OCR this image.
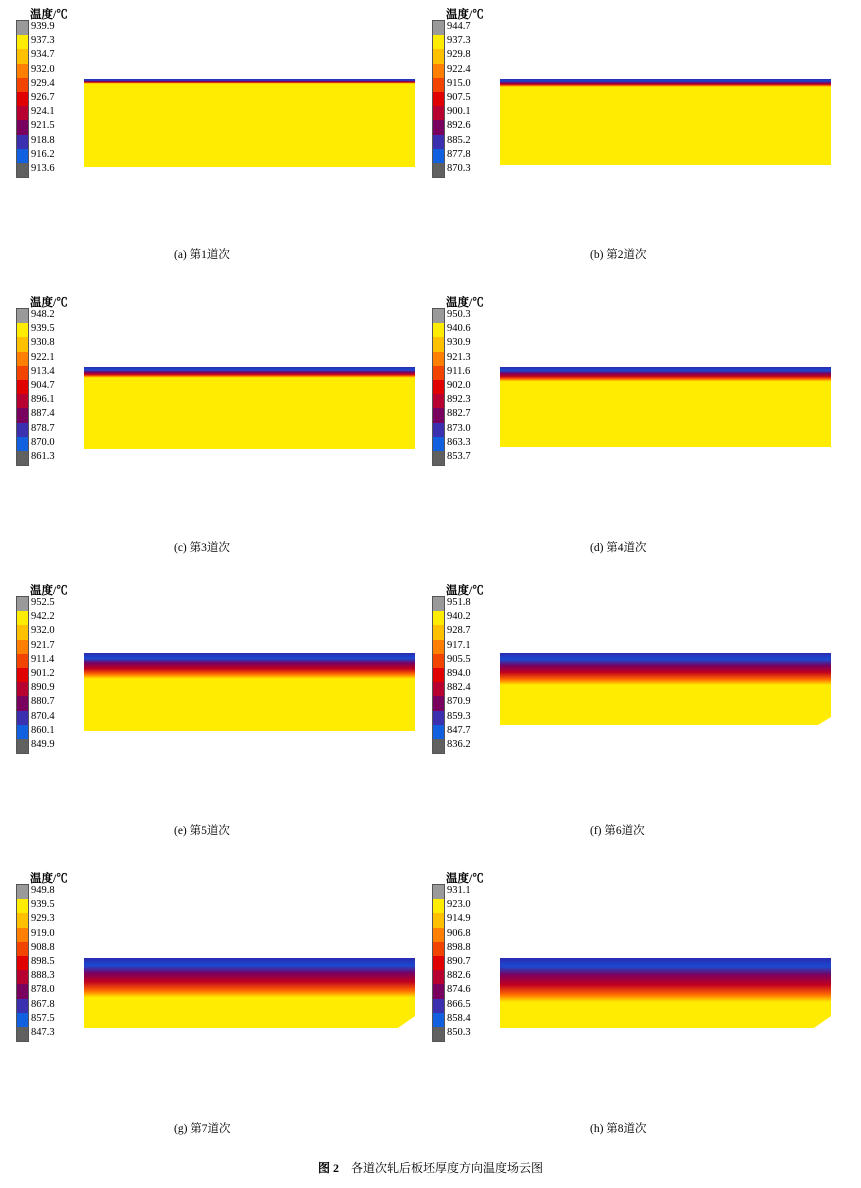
温度/℃
939.9
937.3
934.7
932.0
929.4
926.7
924.1
921.5
918.8
916.2
913.6
(a) 第1道次
温度/℃
944.7
937.3
929.8
922.4
915.0
907.5
900.1
892.6
885.2
877.8
870.3
(b) 第2道次
温度/℃
948.2
939.5
930.8
922.1
913.4
904.7
896.1
887.4
878.7
870.0
861.3
(c) 第3道次
温度/℃
950.3
940.6
930.9
921.3
911.6
902.0
892.3
882.7
873.0
863.3
853.7
(d) 第4道次
温度/℃
952.5
942.2
932.0
921.7
911.4
901.2
890.9
880.7
870.4
860.1
849.9
(e) 第5道次
温度/℃
951.8
940.2
928.7
917.1
905.5
894.0
882.4
870.9
859.3
847.7
836.2
(f) 第6道次
温度/℃
949.8
939.5
929.3
919.0
908.8
898.5
888.3
878.0
867.8
857.5
847.3
(g) 第7道次
温度/℃
931.1
923.0
914.9
906.8
898.8
890.7
882.6
874.6
866.5
858.4
850.3
(h) 第8道次
图 2 各道次轧后板坯厚度方向温度场云图
